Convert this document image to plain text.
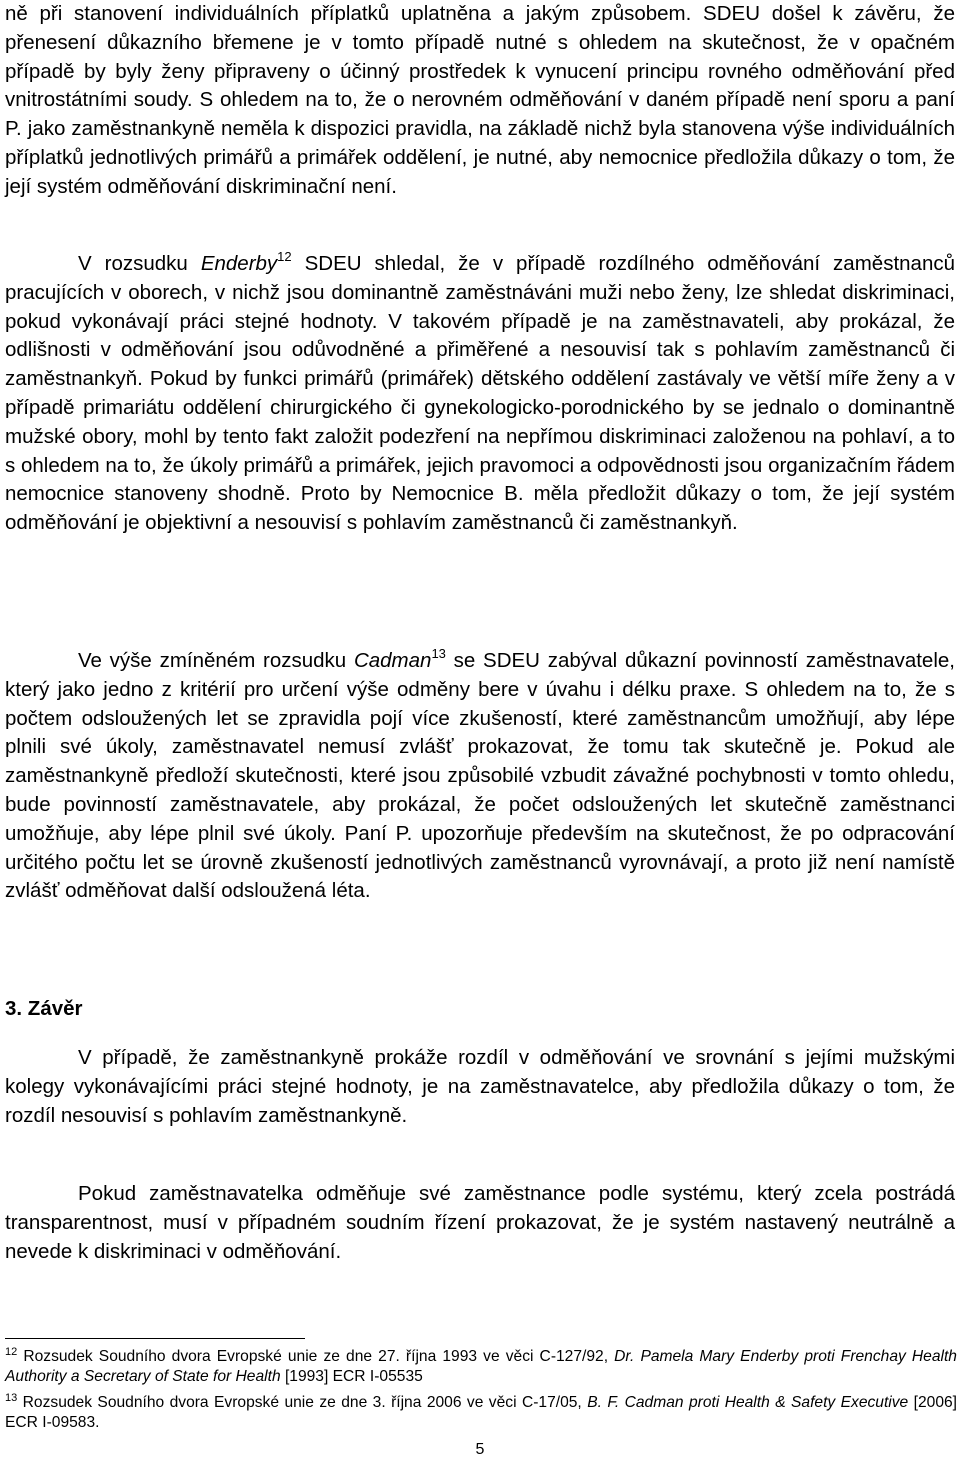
ně při stanovení individuálních příplatků uplatněna a jakým způsobem. SDEU došel k závěru, že přenesení důkazního břemene je v tomto případě nutné s ohledem na skutečnost, že v opačném případě by byly ženy připraveny o účinný prostředek k vynucení principu rovného odměňování před vnitrostátními soudy. S ohledem na to, že o nerovném odměňování v daném případě není sporu a paní P. jako zaměstnankyně neměla k dispozici pravidla, na základě nichž byla stanovena výše individuálních příplatků jednotlivých primářů a primářek oddělení, je nutné, aby nemocnice předložila důkazy o tom, že její systém odměňování diskriminační není.

V rozsudku Enderby$^{12}$ SDEU shledal, že v případě rozdílného odměňování zaměstnanců pracujících v oborech, v nichž jsou dominantně zaměstnáváni muži nebo ženy, lze shledat diskriminaci, pokud vykonávají práci stejné hodnoty. V takovém případě je na zaměstnavateli, aby prokázal, že odlišnosti v odměňování jsou odůvodněné a přiměřené a nesouvisí tak s pohlavím zaměstnanců či zaměstnankyň. Pokud by funkci primářů (primářek) dětského oddělení zastávaly ve větší míře ženy a v případě primariátu oddělení chirurgického či gynekologicko-porodnického by se jednalo o dominantně mužské obory, mohl by tento fakt založit podezření na nepřímou diskriminaci založenou na pohlaví, a to s ohledem na to, že úkoly primářů a primářek, jejich pravomoci a odpovědnosti jsou organizačním řádem nemocnice stanoveny shodně. Proto by Nemocnice B. měla předložit důkazy o tom, že její systém odměňování je objektivní a nesouvisí s pohlavím zaměstnanců či zaměstnankyň.

Ve výše zmíněném rozsudku Cadman$^{13}$ se SDEU zabýval důkazní povinností zaměstnavatele, který jako jedno z kritérií pro určení výše odměny bere v úvahu i délku praxe. S ohledem na to, že s počtem odsloužených let se zpravidla pojí více zkušeností, které zaměstnancům umožňují, aby lépe plnili své úkoly, zaměstnavatel nemusí zvlášť prokazovat, že tomu tak skutečně je. Pokud ale zaměstnankyně předloží skutečnosti, které jsou způsobilé vzbudit závažné pochybnosti v tomto ohledu, bude povinností zaměstnavatele, aby prokázal, že počet odsloužených let skutečně zaměstnanci umožňuje, aby lépe plnil své úkoly. Paní P. upozorňuje především na skutečnost, že po odpracování určitého počtu let se úrovně zkušeností jednotlivých zaměstnanců vyrovnávají, a proto již není namístě zvlášť odměňovat další odsloužená léta.

3. Závěr

V případě, že zaměstnankyně prokáže rozdíl v odměňování ve srovnání s jejími mužskými kolegy vykonávajícími práci stejné hodnoty, je na zaměstnavatelce, aby předložila důkazy o tom, že rozdíl nesouvisí s pohlavím zaměstnankyně.

Pokud zaměstnavatelka odměňuje své zaměstnance podle systému, který zcela postrádá transparentnost, musí v případném soudním řízení prokazovat, že je systém nastavený neutrálně a nevede k diskriminaci v odměňování.

$^{12}$ Rozsudek Soudního dvora Evropské unie ze dne 27. října 1993 ve věci C-127/92, Dr. Pamela Mary Enderby proti Frenchay Health Authority a Secretary of State for Health [1993] ECR I-05535

$^{13}$ Rozsudek Soudního dvora Evropské unie ze dne 3. října 2006 ve věci C-17/05, B. F. Cadman proti Health & Safety Executive [2006] ECR I-09583.

5
